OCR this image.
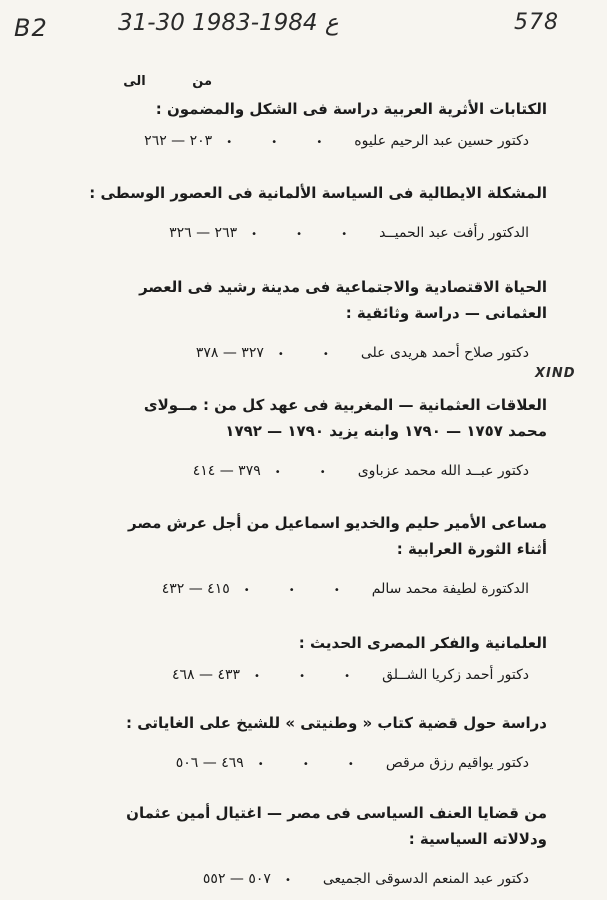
B2	31-30 ع 1984-1983	578
XIND
من الى
الكتابات الأثرية العربية دراسة فى الشكل والمضمون :
دكتور حسين عبد الرحيم عليوه
• • •
٢٠٣ — ٢٦٢
المشكلة الايطالية فى السياسة الألمانية فى العصور الوسطى :
الدكتور رأفت عبد الحميــد
• • •
٢٦٣ — ٣٢٦
الحياة الاقتصادية والاجتماعية فى مدينة رشيد فى العصر
العثمانى — دراسة وثائقية :
دكتور صلاح أحمد هريدى على
• •
٣٢٧ — ٣٧٨
العلاقات العثمانية — المغربية فى عهد كل من : مــولاى
محمد ١٧٥٧ — ١٧٩٠ وابنه يزيد ١٧٩٠ — ١٧٩٢
دكتور عبــد الله محمد عزباوى
• •
٣٧٩ — ٤١٤
مساعى الأمير حليم والخديو اسماعيل من أجل عرش مصر
أثناء الثورة العرابية :
الدكتورة لطيفة محمد سالم
• • •
٤١٥ — ٤٣٢
العلمانية والفكر المصرى الحديث :
دكتور أحمد زكريا الشــلق
• • •
٤٣٣ — ٤٦٨
دراسة حول قضية كتاب « وطنيتى » للشيخ على الغاياتى :
دكتور يواقيم رزق مرقص
• • •
٤٦٩ — ٥٠٦
من قضايا العنف السياسى فى مصر — اغتيال أمين عثمان
ودلالاته السياسية :
دكتور عبد المنعم الدسوقى الجميعى
•
٥٠٧ — ٥٥٢
